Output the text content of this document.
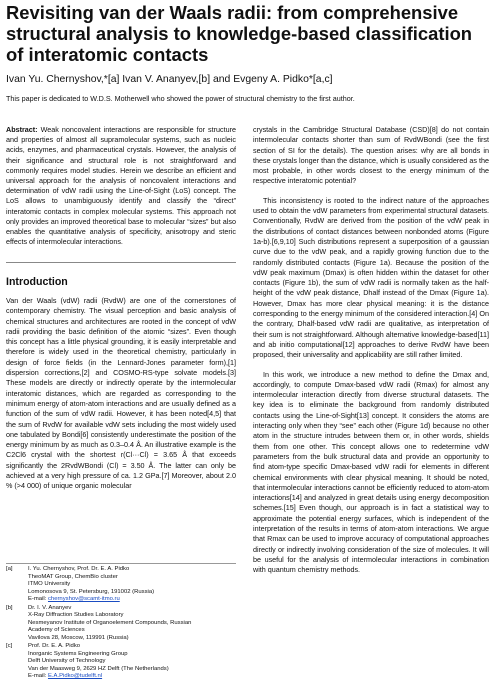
Revisiting van der Waals radii: from comprehensive structural analysis to knowledge-based classification of interatomic contacts
Ivan Yu. Chernyshov,*[a] Ivan V. Ananyev,[b] and Evgeny A. Pidko*[a,c]
This paper is dedicated to W.D.S. Motherwell who showed the power of structural chemistry to the first author.

Abstract: Weak noncovalent interactions are responsible for structure and properties of almost all supramolecular systems, such as nucleic acids, enzymes, and pharmaceutical crystals. However, the analysis of their significance and structural role is not straightforward and commonly requires model studies. Herein we describe an efficient and universal approach for the analysis of noncovalent interactions and determination of vdW radii using the Line-of-Sight (LoS) concept. The LoS allows to unambiguously identify and classify the “direct” interatomic contacts in complex molecular systems. This approach not only provides an improved theoretical base to molecular “sizes” but also enables the quantitative analysis of specificity, anisotropy and steric effects of intermolecular interactions.

Introduction

Van der Waals (vdW) radii (RvdW) are one of the cornerstones of contemporary chemistry. The visual perception and basic analysis of chemical structures and architectures are rooted in the concept of vdW radii providing the basic definition of the atomic “sizes”. Even though this concept has a little physical grounding, it is easily interpretable and therefore is widely used in the theoretical chemistry, particularly in design of force fields (in the Lennard-Jones parameter form),[1] dispersion corrections,[2] and COSMO-RS-type solvate models.[3] These models are directly or indirectly operate by the intermolecular interatomic distances, which are regarded as corresponding to the minimum energy of atom-atom interactions and are usually defined as a function of the sum of vdW radii. However, it has been noted[4,5] that the sum of RvdW for available vdW sets including the most widely used one tabulated by Bondi[6] consistently underestimate the position of the energy minimum by as much as 0.3–0.4 Å. An illustrative example is the C2Cl6 crystal with the shortest r(Cl···Cl) = 3.65 Å that exceeds significantly the 2RvdWBondi (Cl) = 3.50 Å. The latter can only be achieved at a very high pressure of ca. 1.2 GPa.[7] Moreover, about 2.0 % (>4 000) of unique organic molecular

[a]	I. Yu. Chernyshov, Prof. Dr. E. A. Pidko
TheoMAT Group, ChemBio cluster
ITMO University
Lomonosova 9, St. Petersburg, 191002 (Russia)
E-mail: chernyshov@scamt-itmo.ru
[b]	Dr. I. V. Ananyev
X-Ray Diffraction Studies Laboratory
Nesmeyanov Institute of Organoelement Compounds, Russian
Academy of Sciences
Vavilova 28, Moscow, 119991 (Russia)
[c]	Prof. Dr. E. A. Pidko
Inorganic Systems Engineering Group
Delft University of Technology
Van der Maasweg 9, 2629 HZ Delft (The Netherlands)
E-mail: E.A.Pidko@tudelft.nl

crystals in the Cambridge Structural Database (CSD)[8] do not contain intermolecular contacts shorter than sum of RvdWBondi (see the first section of SI for the details). The question arises: why are all bonds in these crystals longer than the distance, which is usually considered as the most probable, in other words closest to the energy minimum of the respective interatomic potential?

This inconsistency is rooted to the indirect nature of the approaches used to obtain the vdW parameters from experimental structural datasets. Conventionally, RvdW are derived from the position of the vdW peak in the distributions of contact distances between nonbonded atoms (Figure 1a-b).[6,9,10] Such distributions represent a superposition of a gaussian curve due to the vdW peak, and a rapidly growing function due to the randomly distributed contacts (Figure 1a). Because the position of the vdW peak maximum (Dmax) is often hidden within the dataset for other contacts (Figure 1b), the sum of vdW radii is normally taken as the half-height of the vdW peak distance, Dhalf instead of the Dmax (Figure 1a). However, Dmax has more clear physical meaning: it is the distance corresponding to the energy minimum of the considered interaction.[4] On the contrary, Dhalf-based vdW radii are qualitative, as interpretation of their sum is not straightforward. Although alternative knowledge-based[11] and ab initio computational[12] approaches to derive RvdW have been proposed, their universality and applicability are still rather limited.

In this work, we introduce a new method to define the Dmax and, accordingly, to compute Dmax-based vdW radii (Rmax) for almost any intermolecular interaction directly from diverse structural datasets. The key idea is to eliminate the background from randomly distributed contacts using the Line-of-Sight[13] concept. It considers the atoms are interacting only when they “see” each other (Figure 1d) because no other atom in the structure intrudes between them or, in other words, shields them from one other. This concept allows one to redetermine vdW parameters from the bulk structural data and provide an opportunity to find atom-type specific Dmax-based vdW radii for elements in different chemical environments with clear physical meaning. It should be noted, that intermolecular interactions cannot be efficiently reduced to atom-atom interactions[14] and analyzed in great details using energy decomposition schemes.[15] Even though, our approach is in fact a statistical way to approximate the potential energy surfaces, which is independent of the interpretation of the results in terms of atom-atom interactions. We argue that Rmax can be used to improve accuracy of computational approaches directly or indirectly involving consideration of the size of molecules. It will be useful for the analysis of intermolecular interactions in combination with quantum chemistry methods.
